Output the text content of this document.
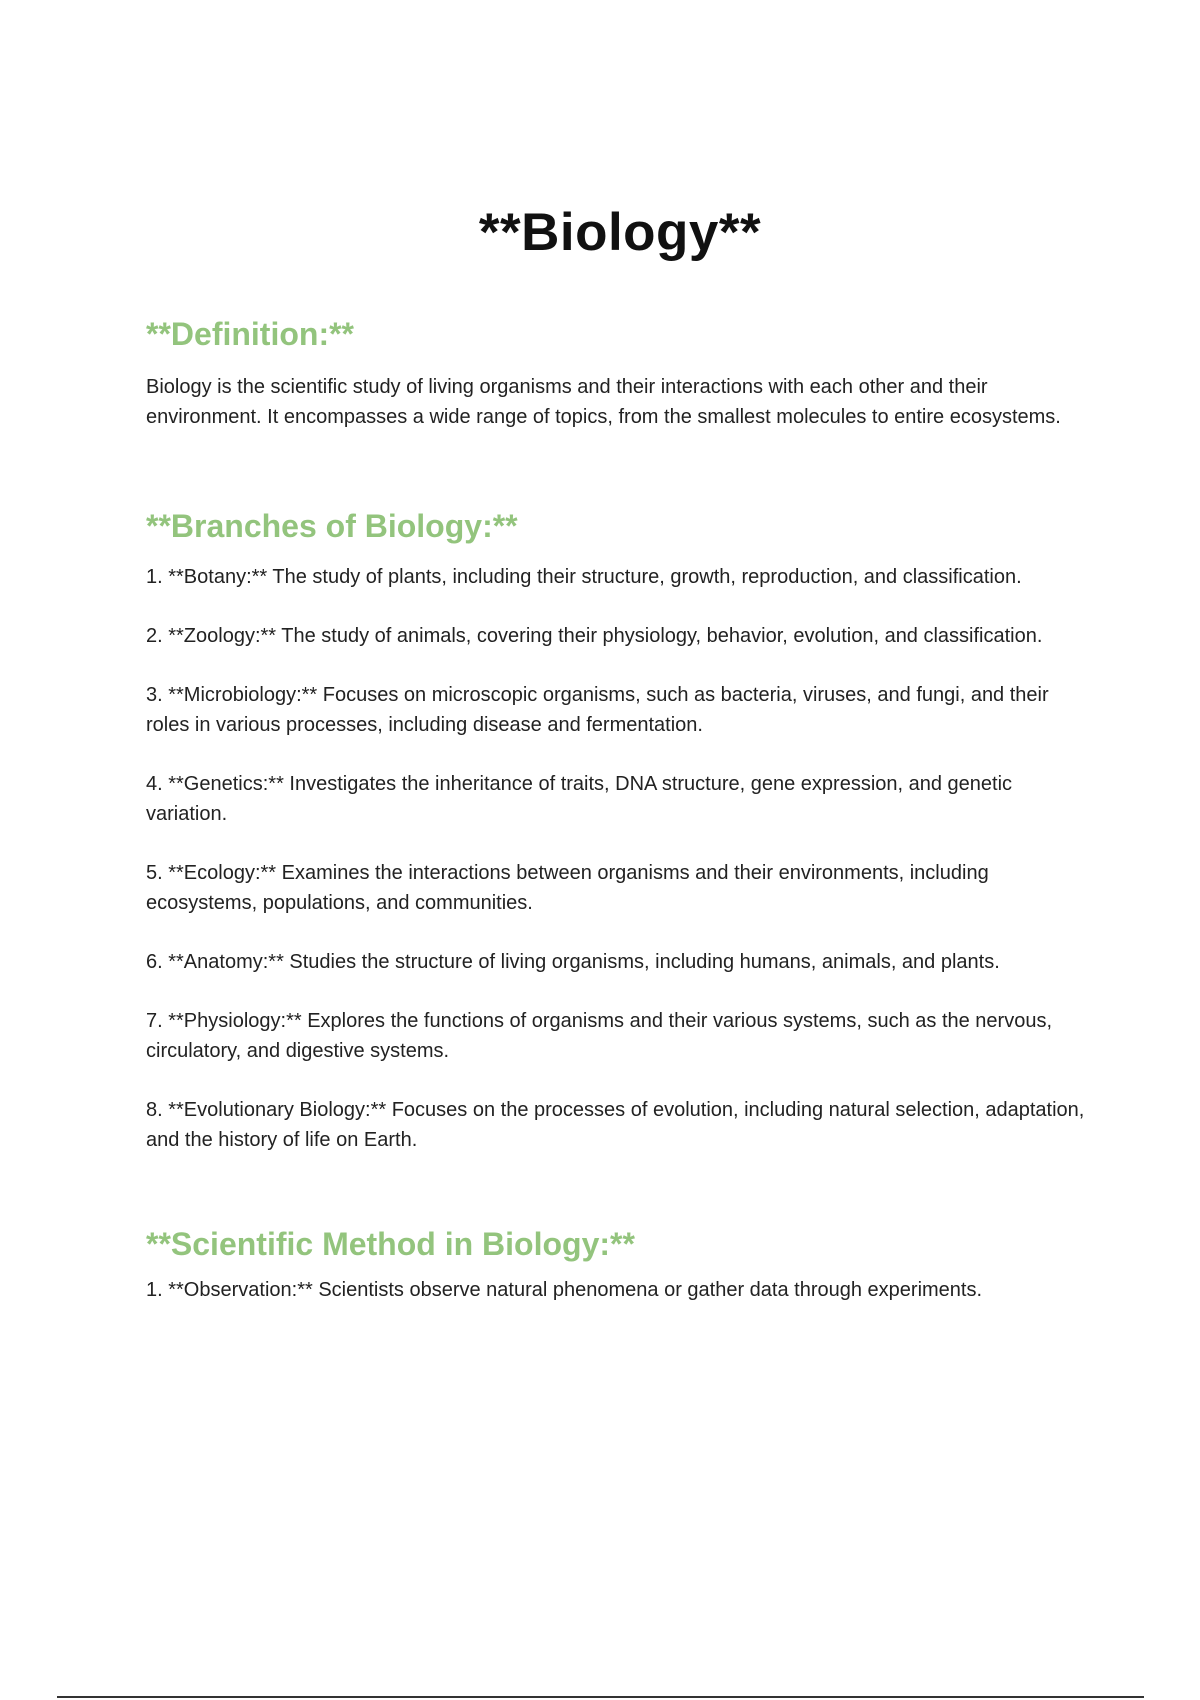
**Biology**
**Definition:**

Biology is the scientific study of living organisms and their interactions with each other and their environment. It encompasses a wide range of topics, from the smallest molecules to entire ecosystems.

**Branches of Biology:**

1. **Botany:** The study of plants, including their structure, growth, reproduction, and classification.

2. **Zoology:** The study of animals, covering their physiology, behavior, evolution, and classification.

3. **Microbiology:** Focuses on microscopic organisms, such as bacteria, viruses, and fungi, and their roles in various processes, including disease and fermentation.

4. **Genetics:** Investigates the inheritance of traits, DNA structure, gene expression, and genetic variation.

5. **Ecology:** Examines the interactions between organisms and their environments, including ecosystems, populations, and communities.

6. **Anatomy:** Studies the structure of living organisms, including humans, animals, and plants.

7. **Physiology:** Explores the functions of organisms and their various systems, such as the nervous, circulatory, and digestive systems.

8. **Evolutionary Biology:** Focuses on the processes of evolution, including natural selection, adaptation, and the history of life on Earth.

**Scientific Method in Biology:**

1. **Observation:** Scientists observe natural phenomena or gather data through experiments.
